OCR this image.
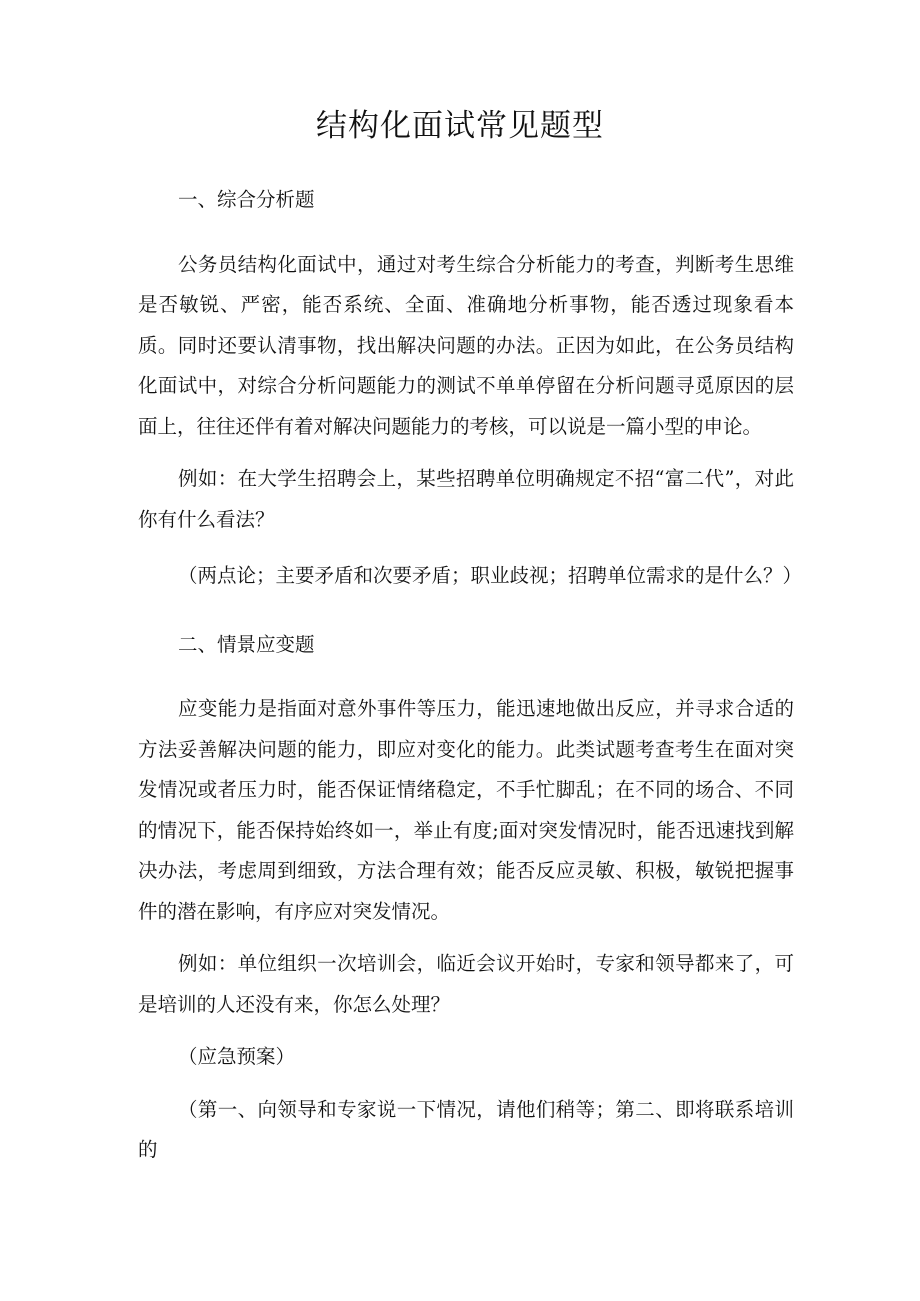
结构化面试常见题型

一、综合分析题

公务员结构化面试中，通过对考生综合分析能力的考查，判断考生思维是否敏锐、严密，能否系统、全面、准确地分析事物，能否透过现象看本质。同时还要认清事物，找出解决问题的办法。正因为如此，在公务员结构化面试中，对综合分析问题能力的测试不单单停留在分析问题寻觅原因的层面上，往往还伴有着对解决问题能力的考核，可以说是一篇小型的申论。

例如：在大学生招聘会上，某些招聘单位明确规定不招“富二代”，对此你有什么看法？

（两点论；主要矛盾和次要矛盾；职业歧视；招聘单位需求的是什么？）

二、情景应变题

应变能力是指面对意外事件等压力，能迅速地做出反应，并寻求合适的方法妥善解决问题的能力，即应对变化的能力。此类试题考查考生在面对突发情况或者压力时，能否保证情绪稳定，不手忙脚乱；在不同的场合、不同的情况下，能否保持始终如一，举止有度;面对突发情况时，能否迅速找到解决办法，考虑周到细致，方法合理有效；能否反应灵敏、积极，敏锐把握事件的潜在影响，有序应对突发情况。

例如：单位组织一次培训会，临近会议开始时，专家和领导都来了，可是培训的人还没有来，你怎么处理？

（应急预案）

（第一、向领导和专家说一下情况，请他们稍等；第二、即将联系培训的
